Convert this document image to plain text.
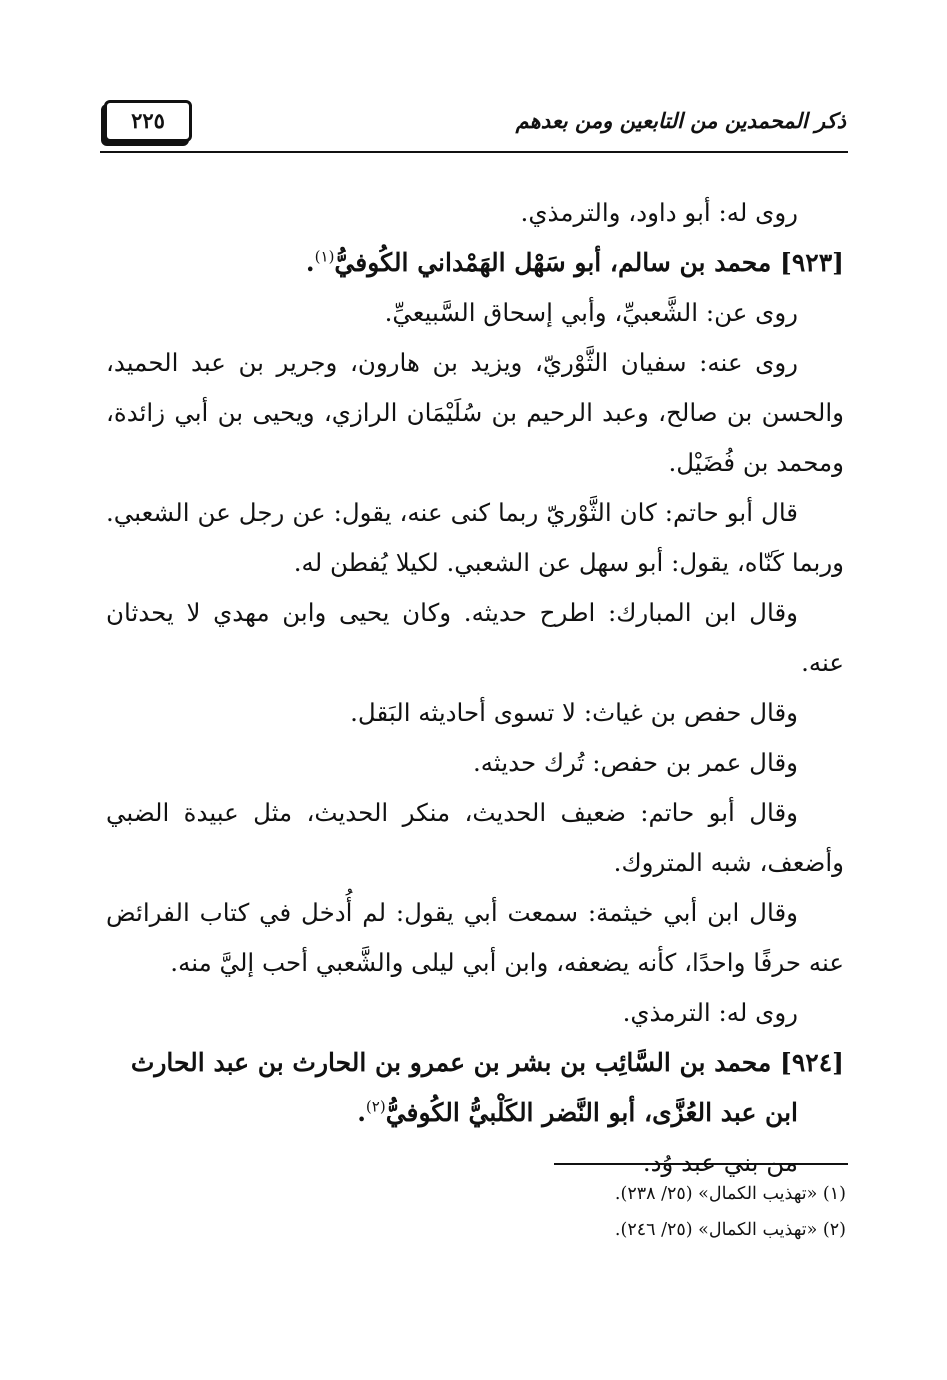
ذكر المحمدين من التابعين ومن بعدهم
٢٢٥

روى له: أبو داود، والترمذي.

[٩٢٣] محمد بن سالم، أبو سَهْل الهَمْداني الكُوفيُّ$^{(١)}$.

روى عن: الشَّعبيِّ، وأبي إسحاق السَّبيعيِّ.

روى عنه: سفيان الثَّوْريّ، ويزيد بن هارون، وجرير بن عبد الحميد، والحسن بن صالح، وعبد الرحيم بن سُلَيْمَان الرازي، ويحيى بن أبي زائدة، ومحمد بن فُضَيْل.

قال أبو حاتم: كان الثَّوْريّ ربما كنى عنه، يقول: عن رجل عن الشعبي. وربما كَنّاه، يقول: أبو سهل عن الشعبي. لكيلا يُفطن له.

وقال ابن المبارك: اطرح حديثه. وكان يحيى وابن مهدي لا يحدثان عنه.

وقال حفص بن غياث: لا تسوى أحاديثه البَقل.

وقال عمر بن حفص: تُرك حديثه.

وقال أبو حاتم: ضعيف الحديث، منكر الحديث، مثل عبيدة الضبي وأضعف، شبه المتروك.

وقال ابن أبي خيثمة: سمعت أبي يقول: لم أُدخل في كتاب الفرائض عنه حرفًا واحدًا، كأنه يضعفه، وابن أبي ليلى والشَّعبي أحب إليَّ منه.

روى له: الترمذي.

[٩٢٤] محمد بن السَّائِب بن بشر بن عمرو بن الحارث بن عبد الحارث

ابن عبد العُزَّى، أبو النَّضر الكَلْبيُّ الكُوفيُّ$^{(٢)}$.

من بني عبد وُد.

(١) «تهذيب الكمال» (٢٥/ ٢٣٨).

(٢) «تهذيب الكمال» (٢٥/ ٢٤٦).
